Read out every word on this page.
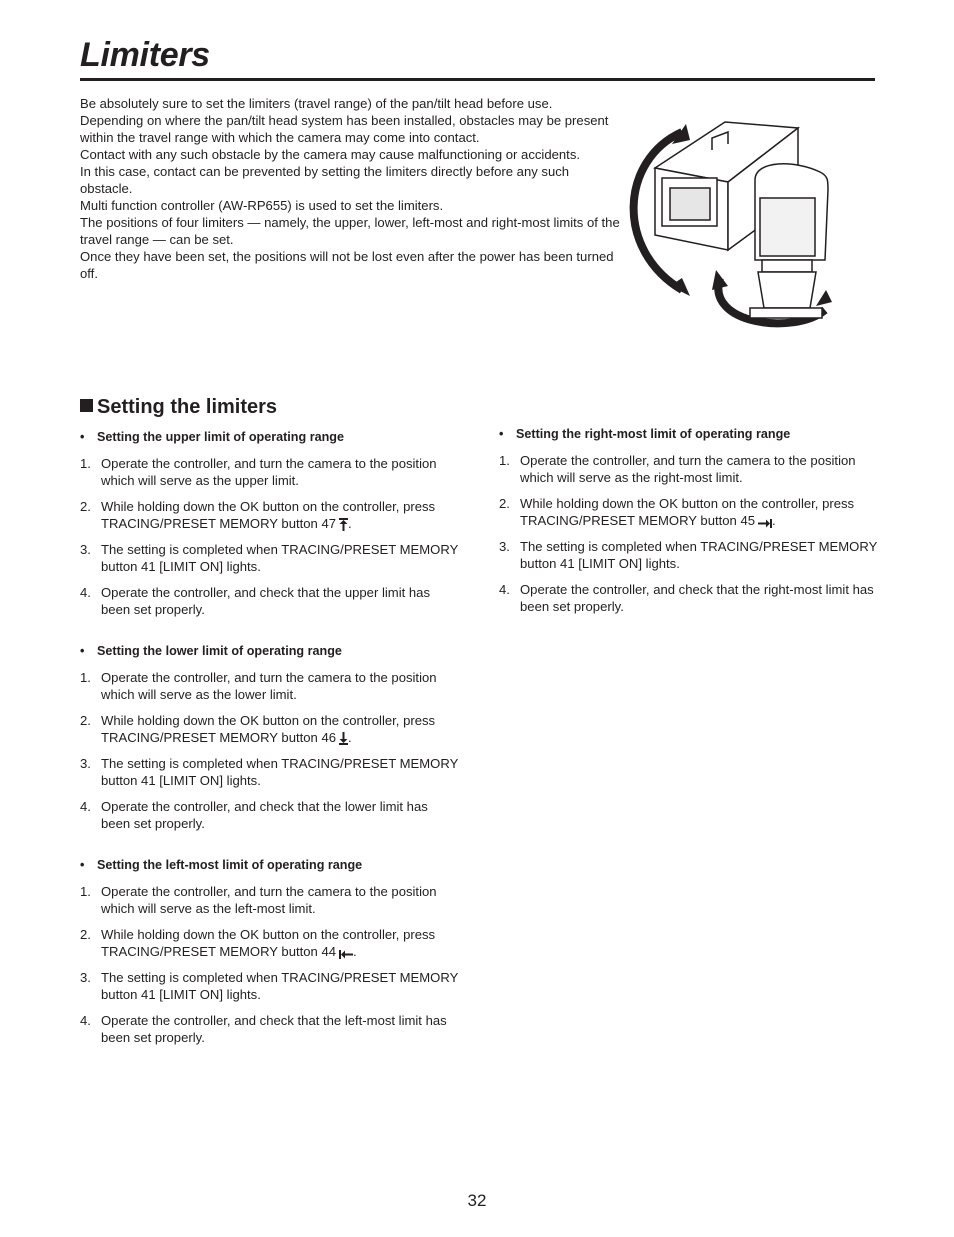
Limiters

Be absolutely sure to set the limiters (travel range) of the pan/tilt head before use.

Depending on where the pan/tilt head system has been installed, obstacles may be present within the travel range with which the camera may come into contact.

Contact with any such obstacle by the camera may cause malfunctioning or accidents.

In this case, contact can be prevented by setting the limiters directly before any such obstacle.

Multi function controller (AW-RP655) is used to set the limiters.

The positions of four limiters — namely, the upper, lower, left-most and right-most limits of the travel range — can be set.

Once they have been set, the positions will not be lost even after the power has been turned off.

Setting the limiters
• Setting the upper limit of operating range
1. Operate the controller, and turn the camera to the position which will serve as the upper limit.
2. While holding down the OK button on the controller, press TRACING/PRESET MEMORY button 47 .
3. The setting is completed when TRACING/PRESET MEMORY button 41 [LIMIT ON] lights.
4. Operate the controller, and check that the upper limit has been set properly.
• Setting the lower limit of operating range
1. Operate the controller, and turn the camera to the position which will serve as the lower limit.
2. While holding down the OK button on the controller, press TRACING/PRESET MEMORY button 46 .
3. The setting is completed when TRACING/PRESET MEMORY button 41 [LIMIT ON] lights.
4. Operate the controller, and check that the lower limit has been set properly.
• Setting the left-most limit of operating range
1. Operate the controller, and turn the camera to the position which will serve as the left-most limit.
2. While holding down the OK button on the controller, press TRACING/PRESET MEMORY button 44 .
3. The setting is completed when TRACING/PRESET MEMORY button 41 [LIMIT ON] lights.
4. Operate the controller, and check that the left-most limit has been set properly.
• Setting the right-most limit of operating range
1. Operate the controller, and turn the camera to the position which will serve as the right-most limit.
2. While holding down the OK button on the controller, press TRACING/PRESET MEMORY button 45 .
3. The setting is completed when TRACING/PRESET MEMORY button 41 [LIMIT ON] lights.
4. Operate the controller, and check that the right-most limit has been set properly.
32
